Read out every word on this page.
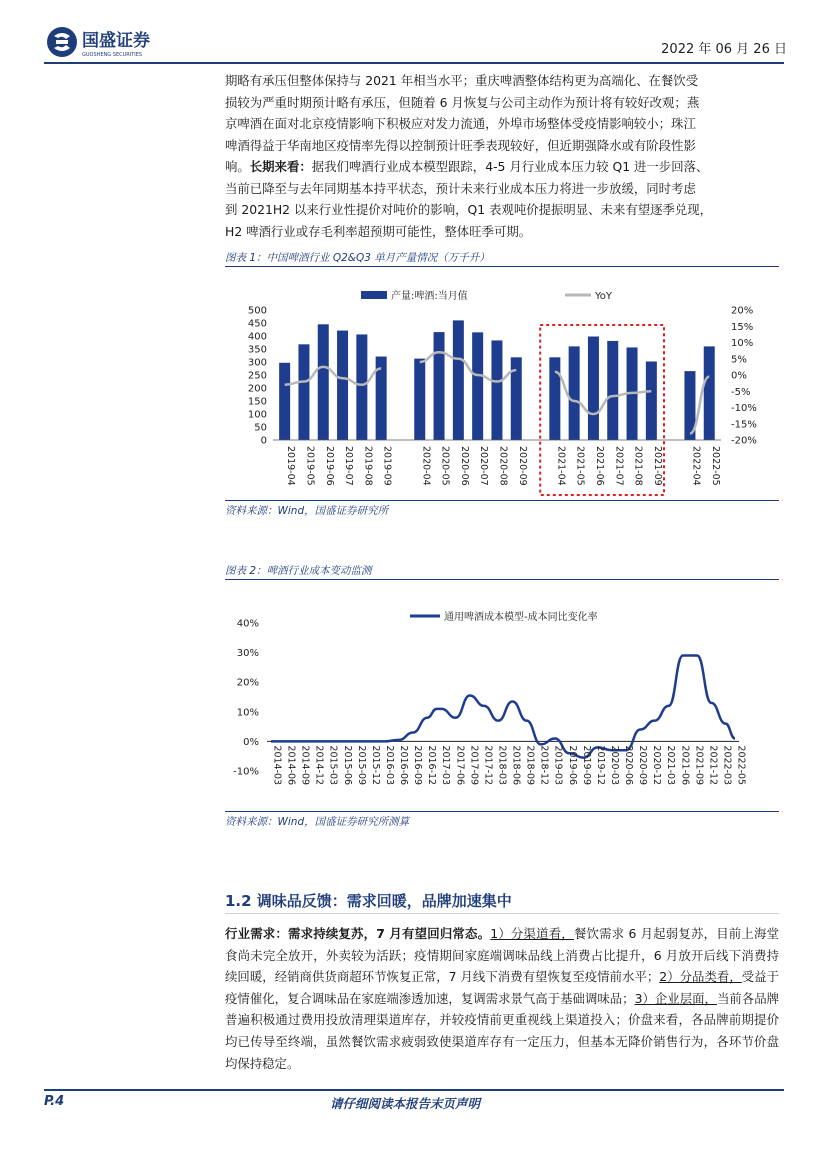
国盛证券
GUOSHENG SECURITIES	2022 年 06 月 26 日
期略有承压但整体保持与 2021 年相当水平；重庆啤酒整体结构更为高端化、在餐饮受
损较为严重时期预计略有承压，但随着 6 月恢复与公司主动作为预计将有较好改观；燕
京啤酒在面对北京疫情影响下积极应对发力流通，外埠市场整体受疫情影响较小；珠江
啤酒得益于华南地区疫情率先得以控制预计旺季表现较好，但近期强降水或有阶段性影
响。长期来看：据我们啤酒行业成本模型跟踪，4-5 月行业成本压力较 Q1 进一步回落、
当前已降至与去年同期基本持平状态，预计未来行业成本压力将进一步放缓，同时考虑
到 2021H2 以来行业性提价对吨价的影响，Q1 表观吨价提振明显、未来有望逐季兑现，
H2 啤酒行业或存毛利率超预期可能性，整体旺季可期。
图表 1：中国啤酒行业 Q2&Q3 单月产量情况（万千升）
产量:啤酒:当月值	YoY
500
450
400
350
300
250
200
150
100
50
0
20%
15%
10%
5%
0%
-5%
-10%
-15%
-20%
2019-04 2019-05 2019-06 2019-07 2019-08 2019-09	2020-04 2020-05 2020-06 2020-07 2020-08 2020-09	2021-04 2021-05 2021-06 2021-07 2021-08 2021-09	2022-04 2022-05
资料来源：Wind，国盛证券研究所
图表 2：啤酒行业成本变动监测
通用啤酒成本模型-成本同比变化率
40%
30%
20%
10%
0%
-10% 2014-03 2014-06 2014-09 2014-12 2015-03 2015-06 2015-09 2015-12 2016-03 2016-06 2016-09 2016-12 2017-03 2017-06 2017-09 2017-12 2018-03 2018-06 2018-09 2018-12 2019-03 2019-06 2019-09 2019-12 2020-03 2020-06 2020-09 2020-12 2021-03 2021-06 2021-09 2021-12 2022-03 2022-05
资料来源：Wind，国盛证券研究所测算
1.2 调味品反馈：需求回暖，品牌加速集中
行业需求：需求持续复苏，7 月有望回归常态。1）分渠道看，餐饮需求 6 月起弱复苏，目前上海堂食尚未完全放开，外卖较为活跃；疫情期间家庭端调味品线上消费占比提升，6 月放开后线下消费持续回暖，经销商供货商超环节恢复正常，7 月线下消费有望恢复至疫情前水平；2）分品类看，受益于疫情催化，复合调味品在家庭端渗透加速，复调需求景气高于基础调味品；3）企业层面，当前各品牌普遍积极通过费用投放清理渠道库存，并较疫情前更重视线上渠道投入；价盘来看，各品牌前期提价均已传导至终端，虽然餐饮需求疲弱致使渠道库存有一定压力，但基本无降价销售行为，各环节价盘均保持稳定。
P.4	请仔细阅读本报告末页声明
